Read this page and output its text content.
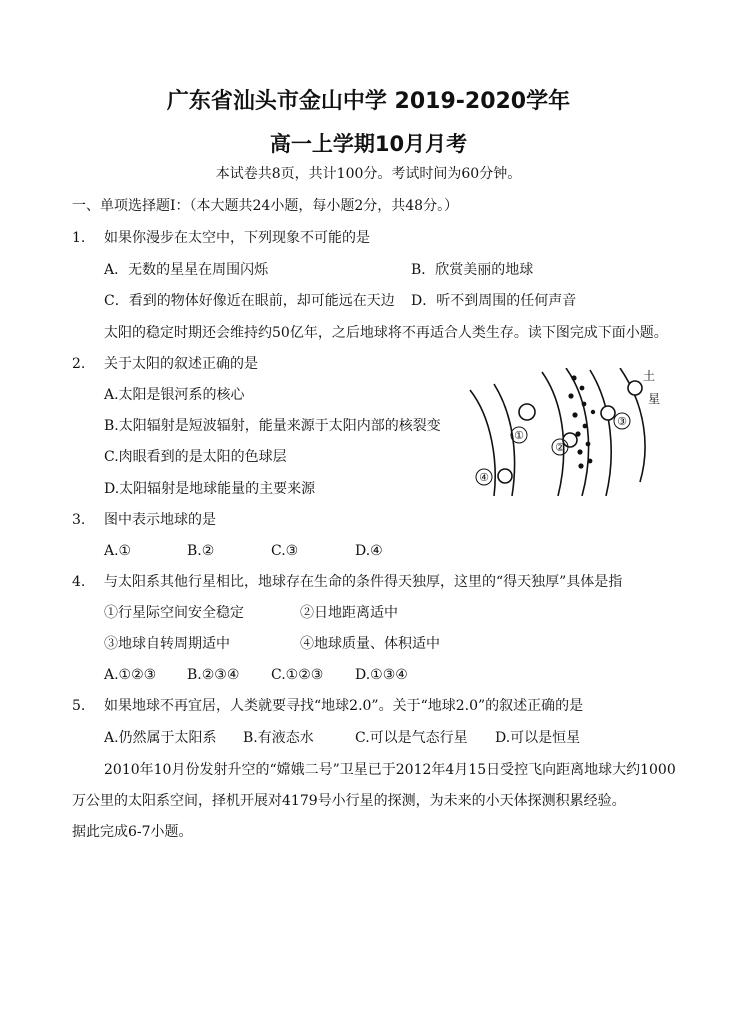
广东省汕头市金山中学 2019-2020学年
高一上学期10月月考
本试卷共8页，共计100分。考试时间为60分钟。
一、单项选择题I：（本大题共24小题，每小题2分，共48分。）
1. 如果你漫步在太空中，下列现象不可能的是
A．无数的星星在周围闪烁	B．欣赏美丽的地球
C．看到的物体好像近在眼前，却可能远在天边 D．听不到周围的任何声音
太阳的稳定时期还会维持约50亿年，之后地球将不再适合人类生存。读下图完成下面小题。
2. 关于太阳的叙述正确的是
A.太阳是银河系的核心
B.太阳辐射是短波辐射，能量来源于太阳内部的核裂变
C.肉眼看到的是太阳的色球层
D.太阳辐射是地球能量的主要来源
①
②
③
④
土
星
3. 图中表示地球的是
A.①	B.②	C.③	D.④
4. 与太阳系其他行星相比，地球存在生命的条件得天独厚，这里的“得天独厚”具体是指
①行星际空间安全稳定	②日地距离适中
③地球自转周期适中	④地球质量、体积适中
A.①②③ B.②③④ C.①②③ D.①③④
5. 如果地球不再宜居，人类就要寻找“地球2.0”。关于“地球2.0”的叙述正确的是
A.仍然属于太阳系 B.有液态水	C.可以是气态行星 D.可以是恒星
2010年10月份发射升空的“嫦娥二号”卫星已于2012年4月15日受控飞向距离地球大约1000
万公里的太阳系空间，择机开展对4179号小行星的探测，为未来的小天体探测积累经验。
据此完成6-7小题。
